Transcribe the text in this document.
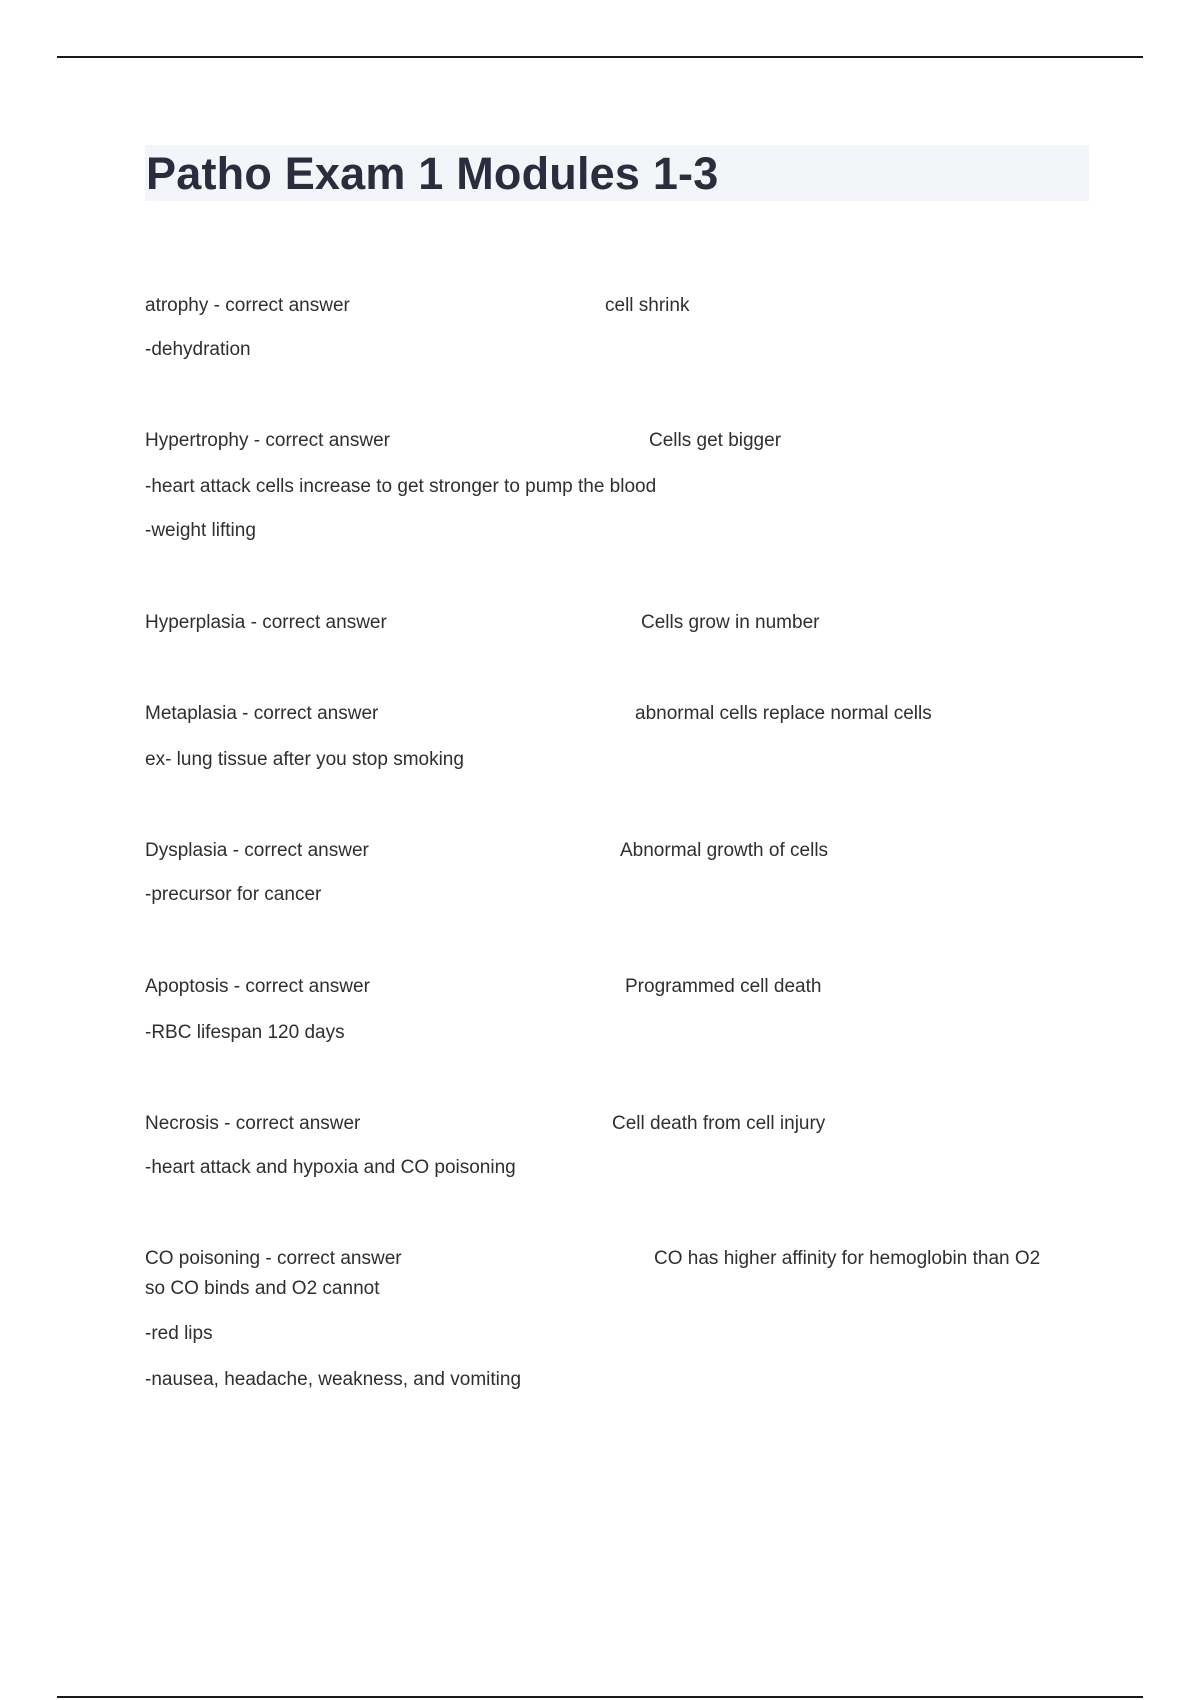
Patho Exam 1 Modules 1-3
atrophy - correct answer	cell shrink
-dehydration
Hypertrophy - correct answer	Cells get bigger
-heart attack cells increase to get stronger to pump the blood
-weight lifting
Hyperplasia - correct answer	Cells grow in number
Metaplasia - correct answer	abnormal cells replace normal cells
ex- lung tissue after you stop smoking
Dysplasia - correct answer	Abnormal growth of cells
-precursor for cancer
Apoptosis - correct answer	Programmed cell death
-RBC lifespan 120 days
Necrosis - correct answer	Cell death from cell injury
-heart attack and hypoxia and CO poisoning
CO poisoning - correct answer	CO has higher affinity for hemoglobin than O2
so CO binds and O2 cannot
-red lips
-nausea, headache, weakness, and vomiting
